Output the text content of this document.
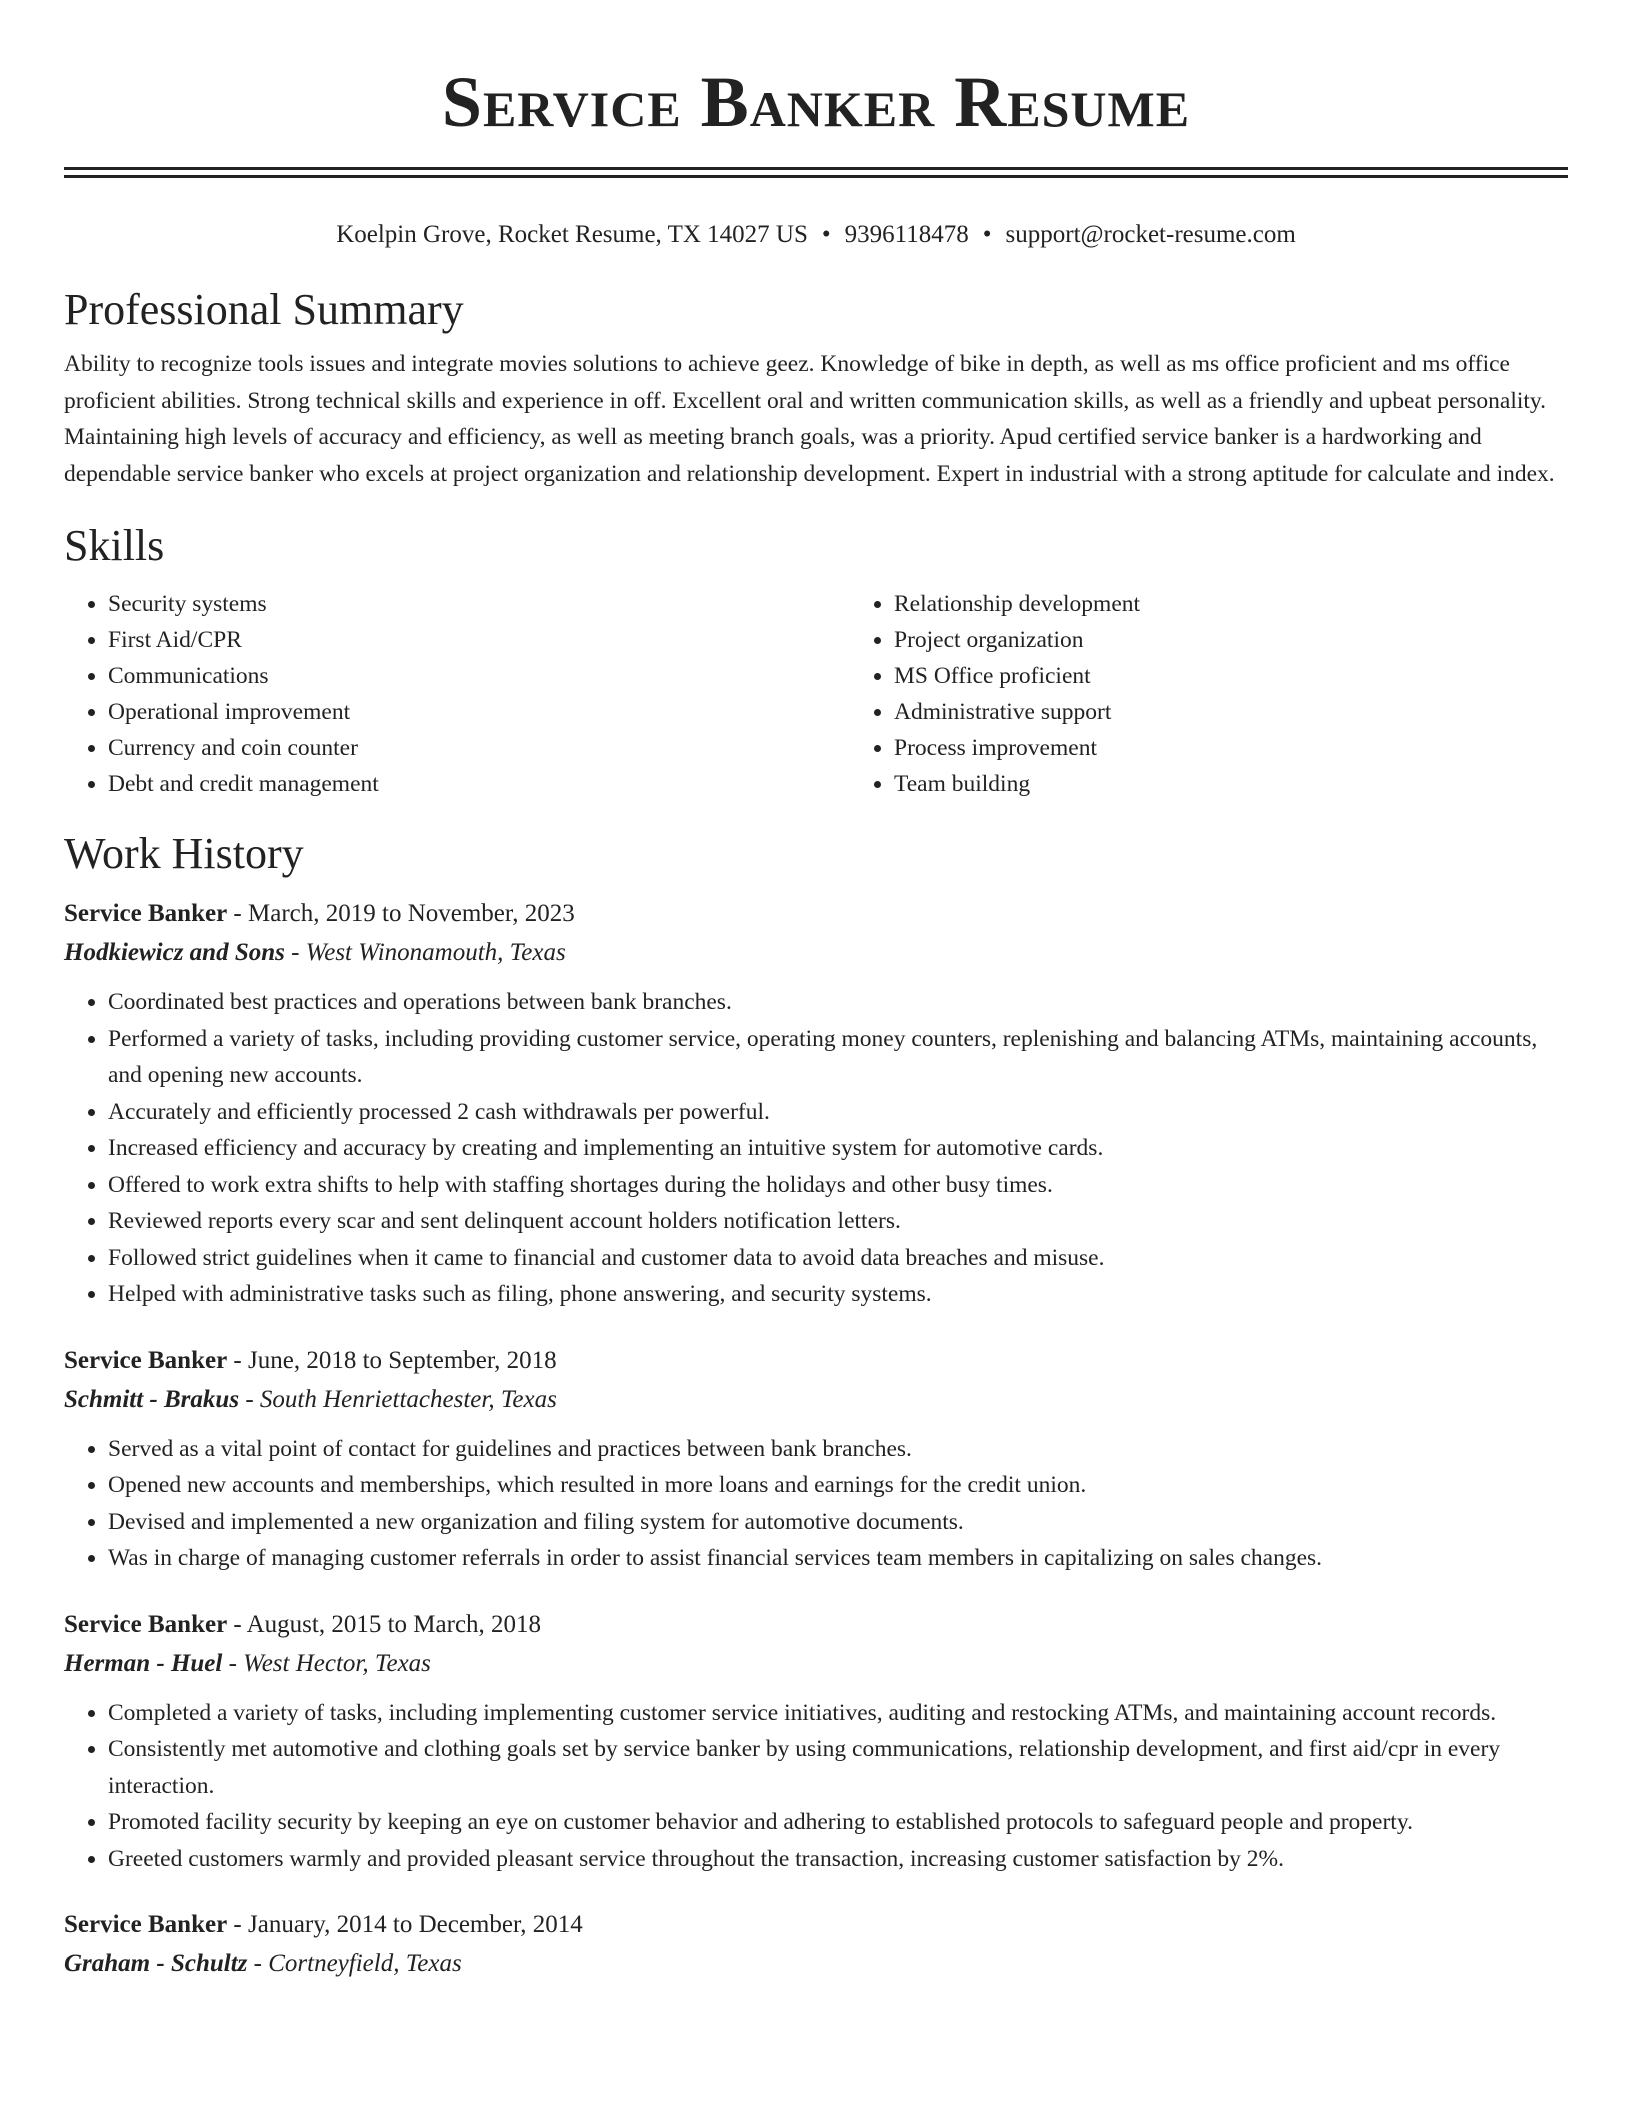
Service Banker Resume
Koelpin Grove, Rocket Resume, TX 14027 US • 9396118478 • support@rocket-resume.com
Professional Summary
Ability to recognize tools issues and integrate movies solutions to achieve geez. Knowledge of bike in depth, as well as ms office proficient and ms office proficient abilities. Strong technical skills and experience in off. Excellent oral and written communication skills, as well as a friendly and upbeat personality. Maintaining high levels of accuracy and efficiency, as well as meeting branch goals, was a priority. Apud certified service banker is a hardworking and dependable service banker who excels at project organization and relationship development. Expert in industrial with a strong aptitude for calculate and index.
Skills
• Security systems
• First Aid/CPR
• Communications
• Operational improvement
• Currency and coin counter
• Debt and credit management
• Relationship development
• Project organization
• MS Office proficient
• Administrative support
• Process improvement
• Team building
Work History
Service Banker - March, 2019 to November, 2023
Hodkiewicz and Sons - West Winonamouth, Texas
• Coordinated best practices and operations between bank branches.
• Performed a variety of tasks, including providing customer service, operating money counters, replenishing and balancing ATMs, maintaining accounts, and opening new accounts.
• Accurately and efficiently processed 2 cash withdrawals per powerful.
• Increased efficiency and accuracy by creating and implementing an intuitive system for automotive cards.
• Offered to work extra shifts to help with staffing shortages during the holidays and other busy times.
• Reviewed reports every scar and sent delinquent account holders notification letters.
• Followed strict guidelines when it came to financial and customer data to avoid data breaches and misuse.
• Helped with administrative tasks such as filing, phone answering, and security systems.
Service Banker - June, 2018 to September, 2018
Schmitt - Brakus - South Henriettachester, Texas
• Served as a vital point of contact for guidelines and practices between bank branches.
• Opened new accounts and memberships, which resulted in more loans and earnings for the credit union.
• Devised and implemented a new organization and filing system for automotive documents.
• Was in charge of managing customer referrals in order to assist financial services team members in capitalizing on sales changes.
Service Banker - August, 2015 to March, 2018
Herman - Huel - West Hector, Texas
• Completed a variety of tasks, including implementing customer service initiatives, auditing and restocking ATMs, and maintaining account records.
• Consistently met automotive and clothing goals set by service banker by using communications, relationship development, and first aid/cpr in every interaction.
• Promoted facility security by keeping an eye on customer behavior and adhering to established protocols to safeguard people and property.
• Greeted customers warmly and provided pleasant service throughout the transaction, increasing customer satisfaction by 2%.
Service Banker - January, 2014 to December, 2014
Graham - Schultz - Cortneyfield, Texas
